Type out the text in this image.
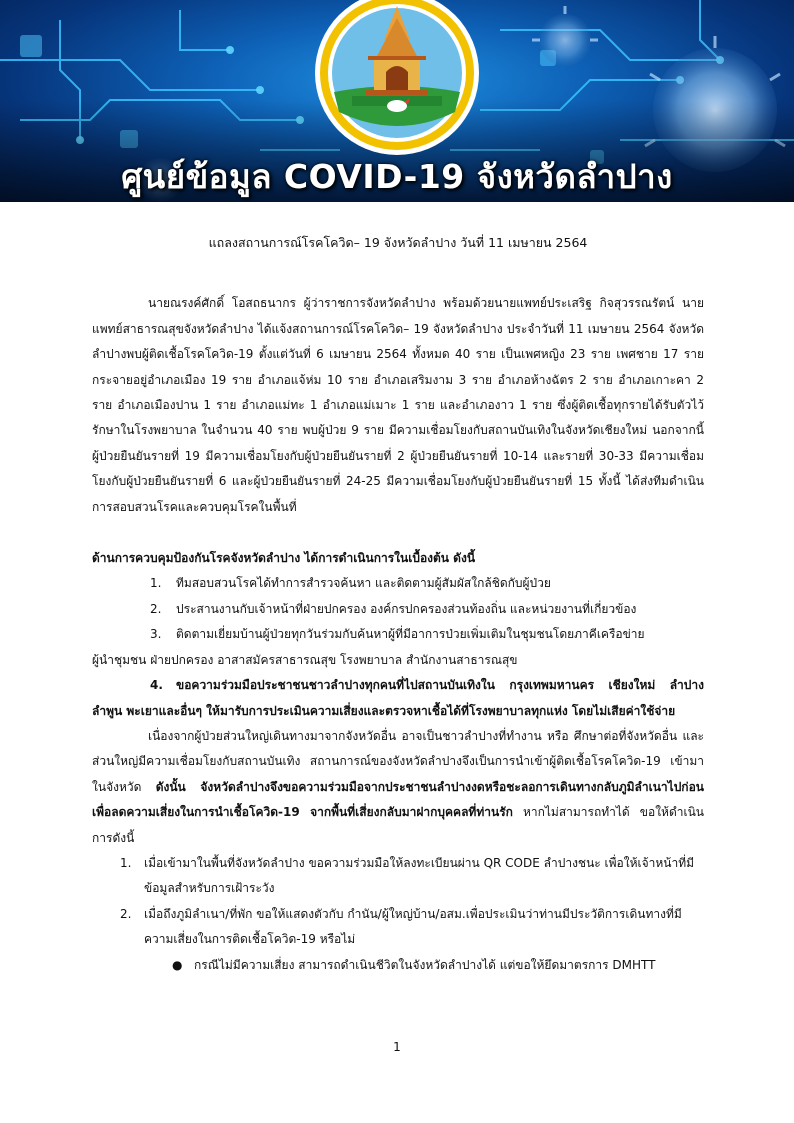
ศูนย์ข้อมูล COVID-19 จังหวัดลำปาง

แถลงสถานการณ์โรคโควิด– 19 จังหวัดลำปาง วันที่ 11 เมษายน 2564

นายณรงค์ศักดิ์ โอสถธนากร ผู้ว่าราชการจังหวัดลำปาง พร้อมด้วยนายแพทย์ประเสริฐ กิจสุวรรณรัตน์ นายแพทย์สาธารณสุขจังหวัดลำปาง ได้แจ้งสถานการณ์โรคโควิด– 19 จังหวัดลำปาง ประจำวันที่ 11 เมษายน 2564 จังหวัดลำปางพบผู้ติดเชื้อโรคโควิด-19 ตั้งแต่วันที่ 6 เมษายน 2564 ทั้งหมด 40 ราย เป็นเพศหญิง 23 ราย เพศชาย 17 ราย กระจายอยู่อำเภอเมือง 19 ราย อำเภอแจ้ห่ม 10 ราย อำเภอเสริมงาม 3 ราย อำเภอห้างฉัตร 2 ราย อำเภอเกาะคา 2 ราย อำเภอเมืองปาน 1 ราย อำเภอแม่ทะ 1 อำเภอแม่เมาะ 1 ราย และอำเภองาว 1 ราย ซึ่งผู้ติดเชื้อทุกรายได้รับตัวไว้รักษาในโรงพยาบาล ในจำนวน 40 ราย พบผู้ป่วย 9 ราย มีความเชื่อมโยงกับสถานบันเทิงในจังหวัดเชียงใหม่ นอกจากนี้ ผู้ป่วยยืนยันรายที่ 19 มีความเชื่อมโยงกับผู้ป่วยยืนยันรายที่ 2 ผู้ป่วยยืนยันรายที่ 10-14 และรายที่ 30-33 มีความเชื่อมโยงกับผู้ป่วยยืนยันรายที่ 6 และผู้ป่วยยืนยันรายที่ 24-25 มีความเชื่อมโยงกับผู้ป่วยยืนยันรายที่ 15 ทั้งนี้ ได้ส่งทีมดำเนินการสอบสวนโรคและควบคุมโรคในพื้นที่

ด้านการควบคุมป้องกันโรคจังหวัดลำปาง ได้การดำเนินการในเบื้องต้น ดังนี้

1. ทีมสอบสวนโรคได้ทำการสำรวจค้นหา และติดตามผู้สัมผัสใกล้ชิดกับผู้ป่วย

2. ประสานงานกับเจ้าหน้าที่ฝ่ายปกครอง องค์กรปกครองส่วนท้องถิ่น และหน่วยงานที่เกี่ยวข้อง

3. ติดตามเยี่ยมบ้านผู้ป่วยทุกวันร่วมกับค้นหาผู้ที่มีอาการป่วยเพิ่มเติมในชุมชนโดยภาคีเครือข่าย

ผู้นำชุมชน ฝ่ายปกครอง อาสาสมัครสาธารณสุข โรงพยาบาล สำนักงานสาธารณสุข

4. ขอความร่วมมือประชาชนชาวลำปางทุกคนที่ไปสถานบันเทิงใน กรุงเทพมหานคร เชียงใหม่ ลำปาง ลำพูน พะเยาและอื่นๆ ให้มารับการประเมินความเสี่ยงและตรวจหาเชื้อได้ที่โรงพยาบาลทุกแห่ง โดยไม่เสียค่าใช้จ่าย

เนื่องจากผู้ป่วยส่วนใหญ่เดินทางมาจากจังหวัดอื่น อาจเป็นชาวลำปางที่ทำงาน หรือ ศึกษาต่อที่จังหวัดอื่น และส่วนใหญ่มีความเชื่อมโยงกับสถานบันเทิง สถานการณ์ของจังหวัดลำปางจึงเป็นการนำเข้าผู้ติดเชื้อโรคโควิด-19 เข้ามาในจังหวัด ดังนั้น จังหวัดลำปางจึงขอความร่วมมือจากประชาชนลำปางงดหรือชะลอการเดินทางกลับภูมิลำเนาไปก่อน เพื่อลดความเสี่ยงในการนำเชื้อโควิด-19 จากพื้นที่เสี่ยงกลับมาฝากบุคคลที่ท่านรัก หากไม่สามารถทำได้ ขอให้ดำเนินการดังนี้

1. เมื่อเข้ามาในพื้นที่จังหวัดลำปาง ขอความร่วมมือให้ลงทะเบียนผ่าน QR CODE ลำปางชนะ เพื่อให้เจ้าหน้าที่มีข้อมูลสำหรับการเฝ้าระวัง
2. เมื่อถึงภูมิลำเนา/ที่พัก ขอให้แสดงตัวกับ กำนัน/ผู้ใหญ่บ้าน/อสม.เพื่อประเมินว่าท่านมีประวัติการเดินทางที่มีความเสี่ยงในการติดเชื้อโควิด-19 หรือไม่

● กรณีไม่มีความเสี่ยง สามารถดำเนินชีวิตในจังหวัดลำปางได้ แต่ขอให้ยึดมาตรการ DMHTT

1
